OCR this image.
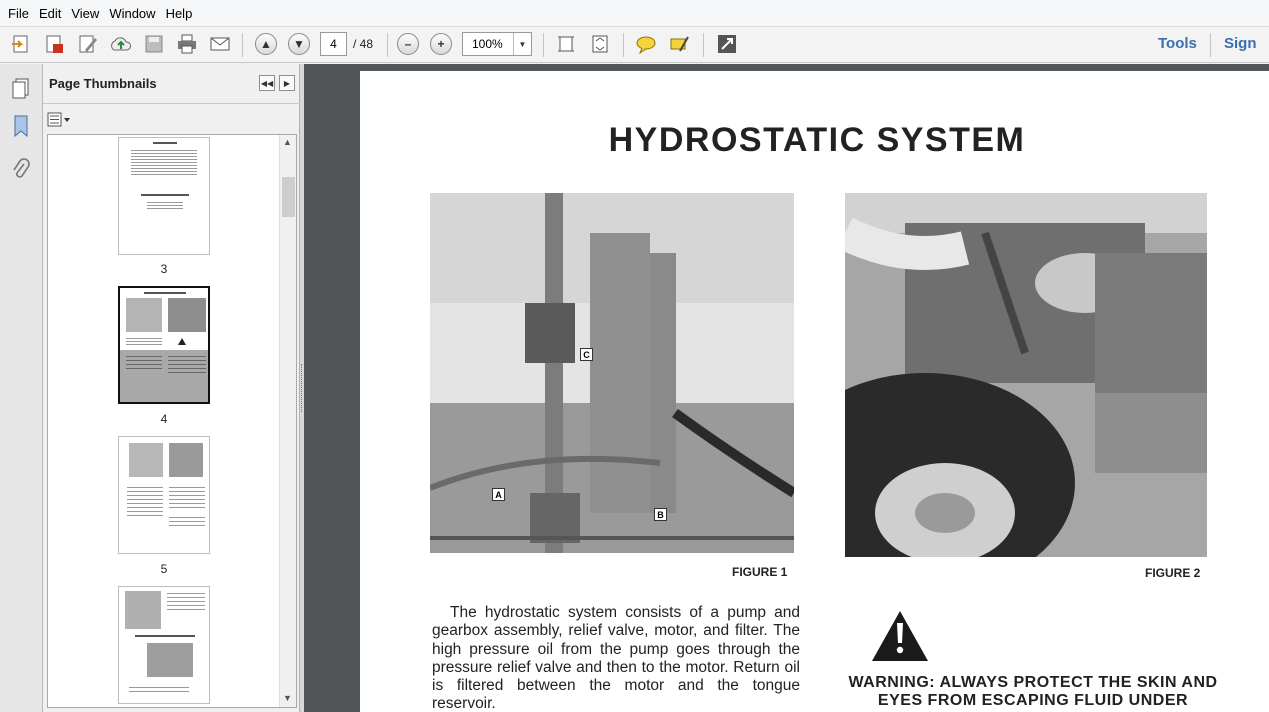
File Edit View Window Help
▲	▼
4	/ 48	–	+	100%	▼	Tools Sign
Page Thumbnails	◀◀	▶
3
4
5
▲
▼
HYDROSTATIC SYSTEM
A
B
C
FIGURE 1	FIGURE 2
The hydrostatic system consists of a pump and gearbox assembly, relief valve, motor, and filter. The high pressure oil from the pump goes through the pressure relief valve and then to the motor. Return oil is filtered between the motor and the tongue reservoir.
WARNING: ALWAYS PROTECT THE SKIN AND EYES FROM ESCAPING FLUID UNDER
